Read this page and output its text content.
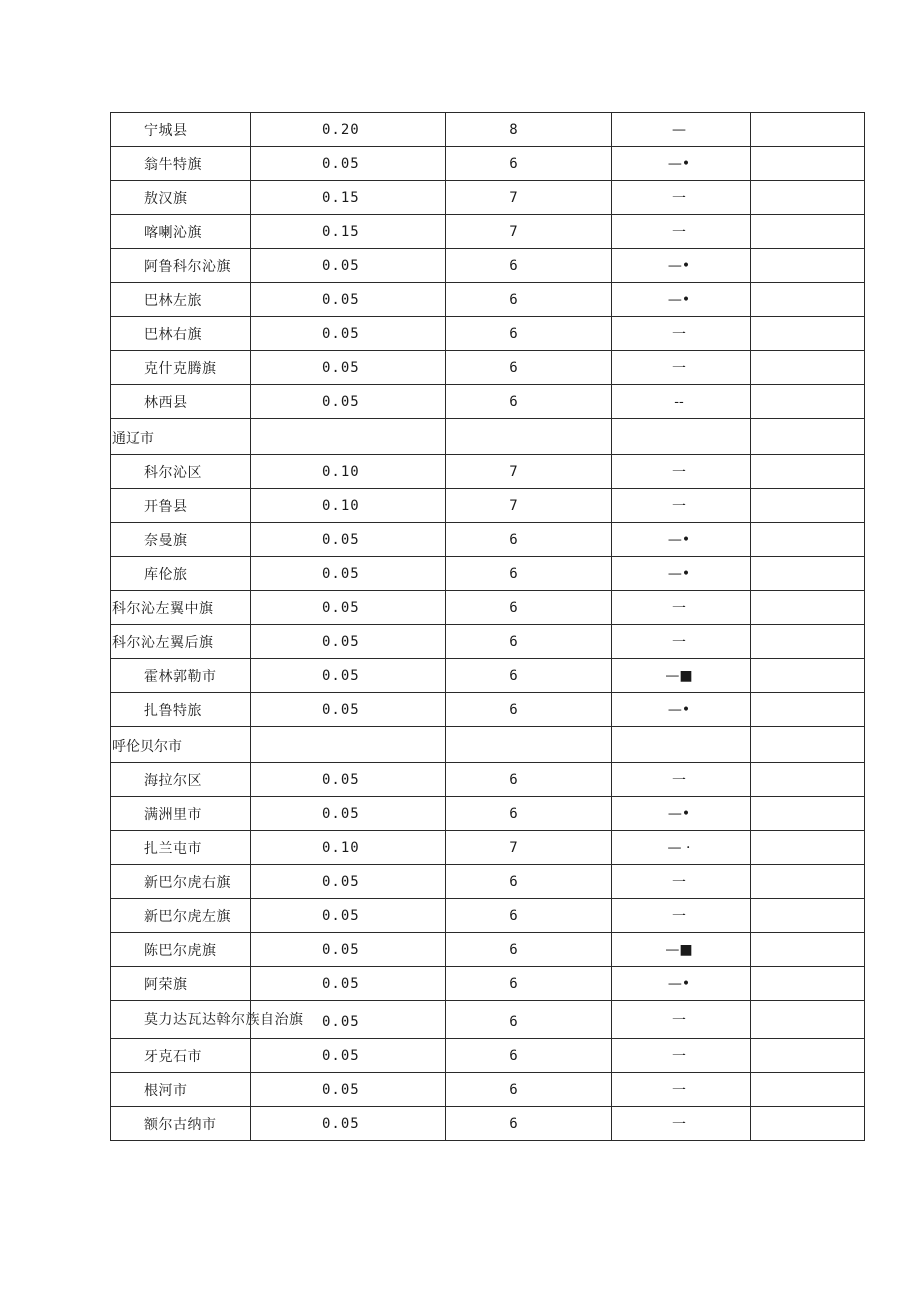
宁城县	0.20	8	—	
翁牛特旗	0.05	6	—•	
敖汉旗	0.15	7	一	
喀喇沁旗	0.15	7	一	
阿鲁科尔沁旗	0.05	6	—•	
巴林左旅	0.05	6	—•	
巴林右旗	0.05	6	一	
克什克腾旗	0.05	6	一	
林西县	0.05	6	--	
通辽市				
科尔沁区	0.10	7	一	
开鲁县	0.10	7	一	
奈曼旗	0.05	6	—•	
库伦旅	0.05	6	—•	
科尔沁左翼中旗	0.05	6	一	
科尔沁左翼后旗	0.05	6	一	
霍林郭勒市	0.05	6	—■	
扎鲁特旅	0.05	6	—•	
呼伦贝尔市				
海拉尔区	0.05	6	一	
满洲里市	0.05	6	—•	
扎兰屯市	0.10	7	— ·	
新巴尔虎右旗	0.05	6	一	
新巴尔虎左旗	0.05	6	一	
陈巴尔虎旗	0.05	6	—■	
阿荣旗	0.05	6	—•	
莫力达瓦达斡尔族自治旗	0.05	6	一	
牙克石市	0.05	6	一	
根河市	0.05	6	一	
额尔古纳市	0.05	6	一	
